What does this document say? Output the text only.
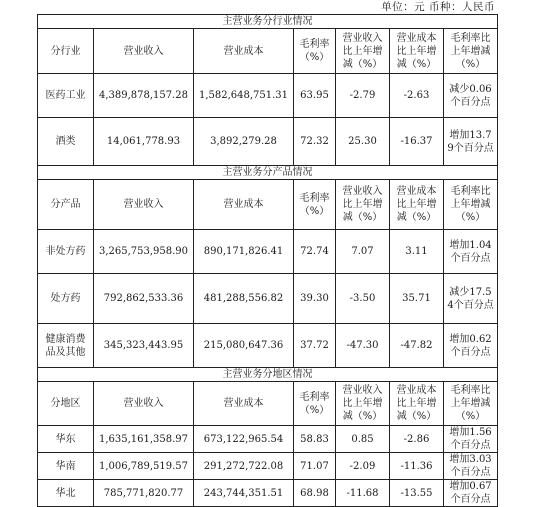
单位：元 币种：人民币
主营业务分行业情况						
分行业	营业收入	营业成本	毛利率（%）	营业收入比上年增减（%）	营业成本比上年增减（%）	毛利率比上年增减（%）
医药工业	4,389,878,157.28	1,582,648,751.31	63.95	-2.79	-2.63	减少0.06个百分点
酒类	14,061,778.93	3,892,279.28	72.32	25.30	-16.37	增加13.79个百分点
主营业务分产品情况						
分产品	营业收入	营业成本	毛利率（%）	营业收入比上年增减（%）	营业成本比上年增减（%）	毛利率比上年增减（%）
非处方药	3,265,753,958.90	890,171,826.41	72.74	7.07	3.11	增加1.04个百分点
处方药	792,862,533.36	481,288,556.82	39.30	-3.50	35.71	减少17.54个百分点
健康消费品及其他	345,323,443.95	215,080,647.36	37.72	-47.30	-47.82	增加0.62个百分点
主营业务分地区情况						
分地区	营业收入	营业成本	毛利率（%）	营业收入比上年增减（%）	营业成本比上年增减（%）	毛利率比上年增减（%）
华东	1,635,161,358.97	673,122,965.54	58.83	0.85	-2.86	增加1.56个百分点
华南	1,006,789,519.57	291,272,722.08	71.07	-2.09	-11.36	增加3.03个百分点
华北	785,771,820.77	243,744,351.51	68.98	-11.68	-13.55	增加0.67个百分点
